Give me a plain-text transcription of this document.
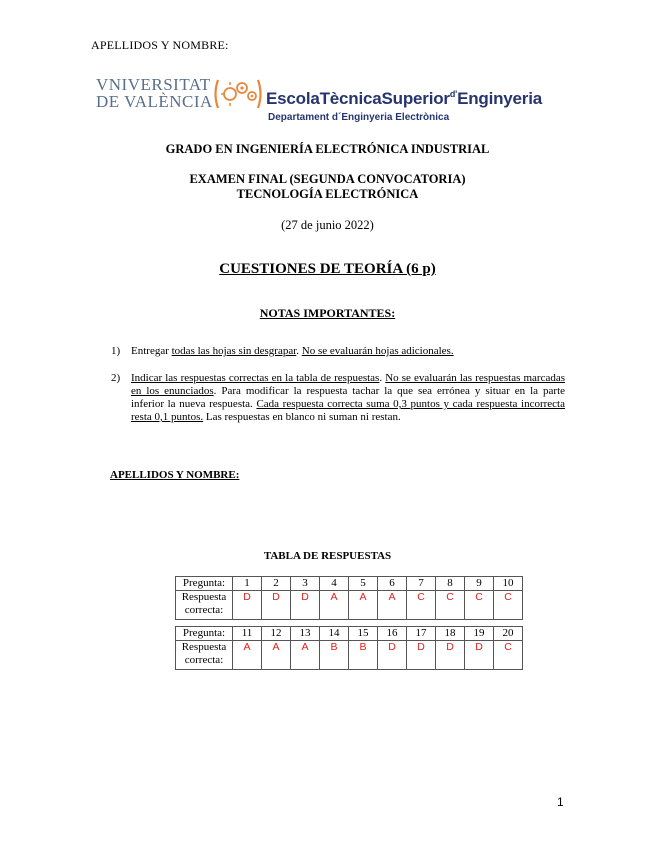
APELLIDOS Y NOMBRE:
VNIVERSITAT
DE VALÈNCIA	EscolaTècnicaSuperior$^{d'}$Enginyeria
Departament d´Enginyeria Electrònica
GRADO EN INGENIERÍA ELECTRÓNICA INDUSTRIAL
EXAMEN FINAL (SEGUNDA CONVOCATORIA)
TECNOLOGÍA ELECTRÓNICA
(27 de junio 2022)
CUESTIONES DE TEORÍA (6 p)
NOTAS IMPORTANTES:
1) Entregar todas las hojas sin desgrapar. No se evaluarán hojas adicionales.
2) Indicar las respuestas correctas en la tabla de respuestas. No se evaluarán las respuestas marcadas en los enunciados. Para modificar la respuesta tachar la que sea errónea y situar en la parte inferior la nueva respuesta. Cada respuesta correcta suma 0,3 puntos y cada respuesta incorrecta resta 0,1 puntos. Las respuestas en blanco ni suman ni restan.
APELLIDOS Y NOMBRE:
TABLA DE RESPUESTAS
Pregunta:	1	2	3	4	5	6	7	8	9	10
Respuesta
correcta:	D	D	D	A	A	A	C	C	C	C

Pregunta:	11	12	13	14	15	16	17	18	19	20
Respuesta
correcta:	A	A	A	B	B	D	D	D	D	C
1
